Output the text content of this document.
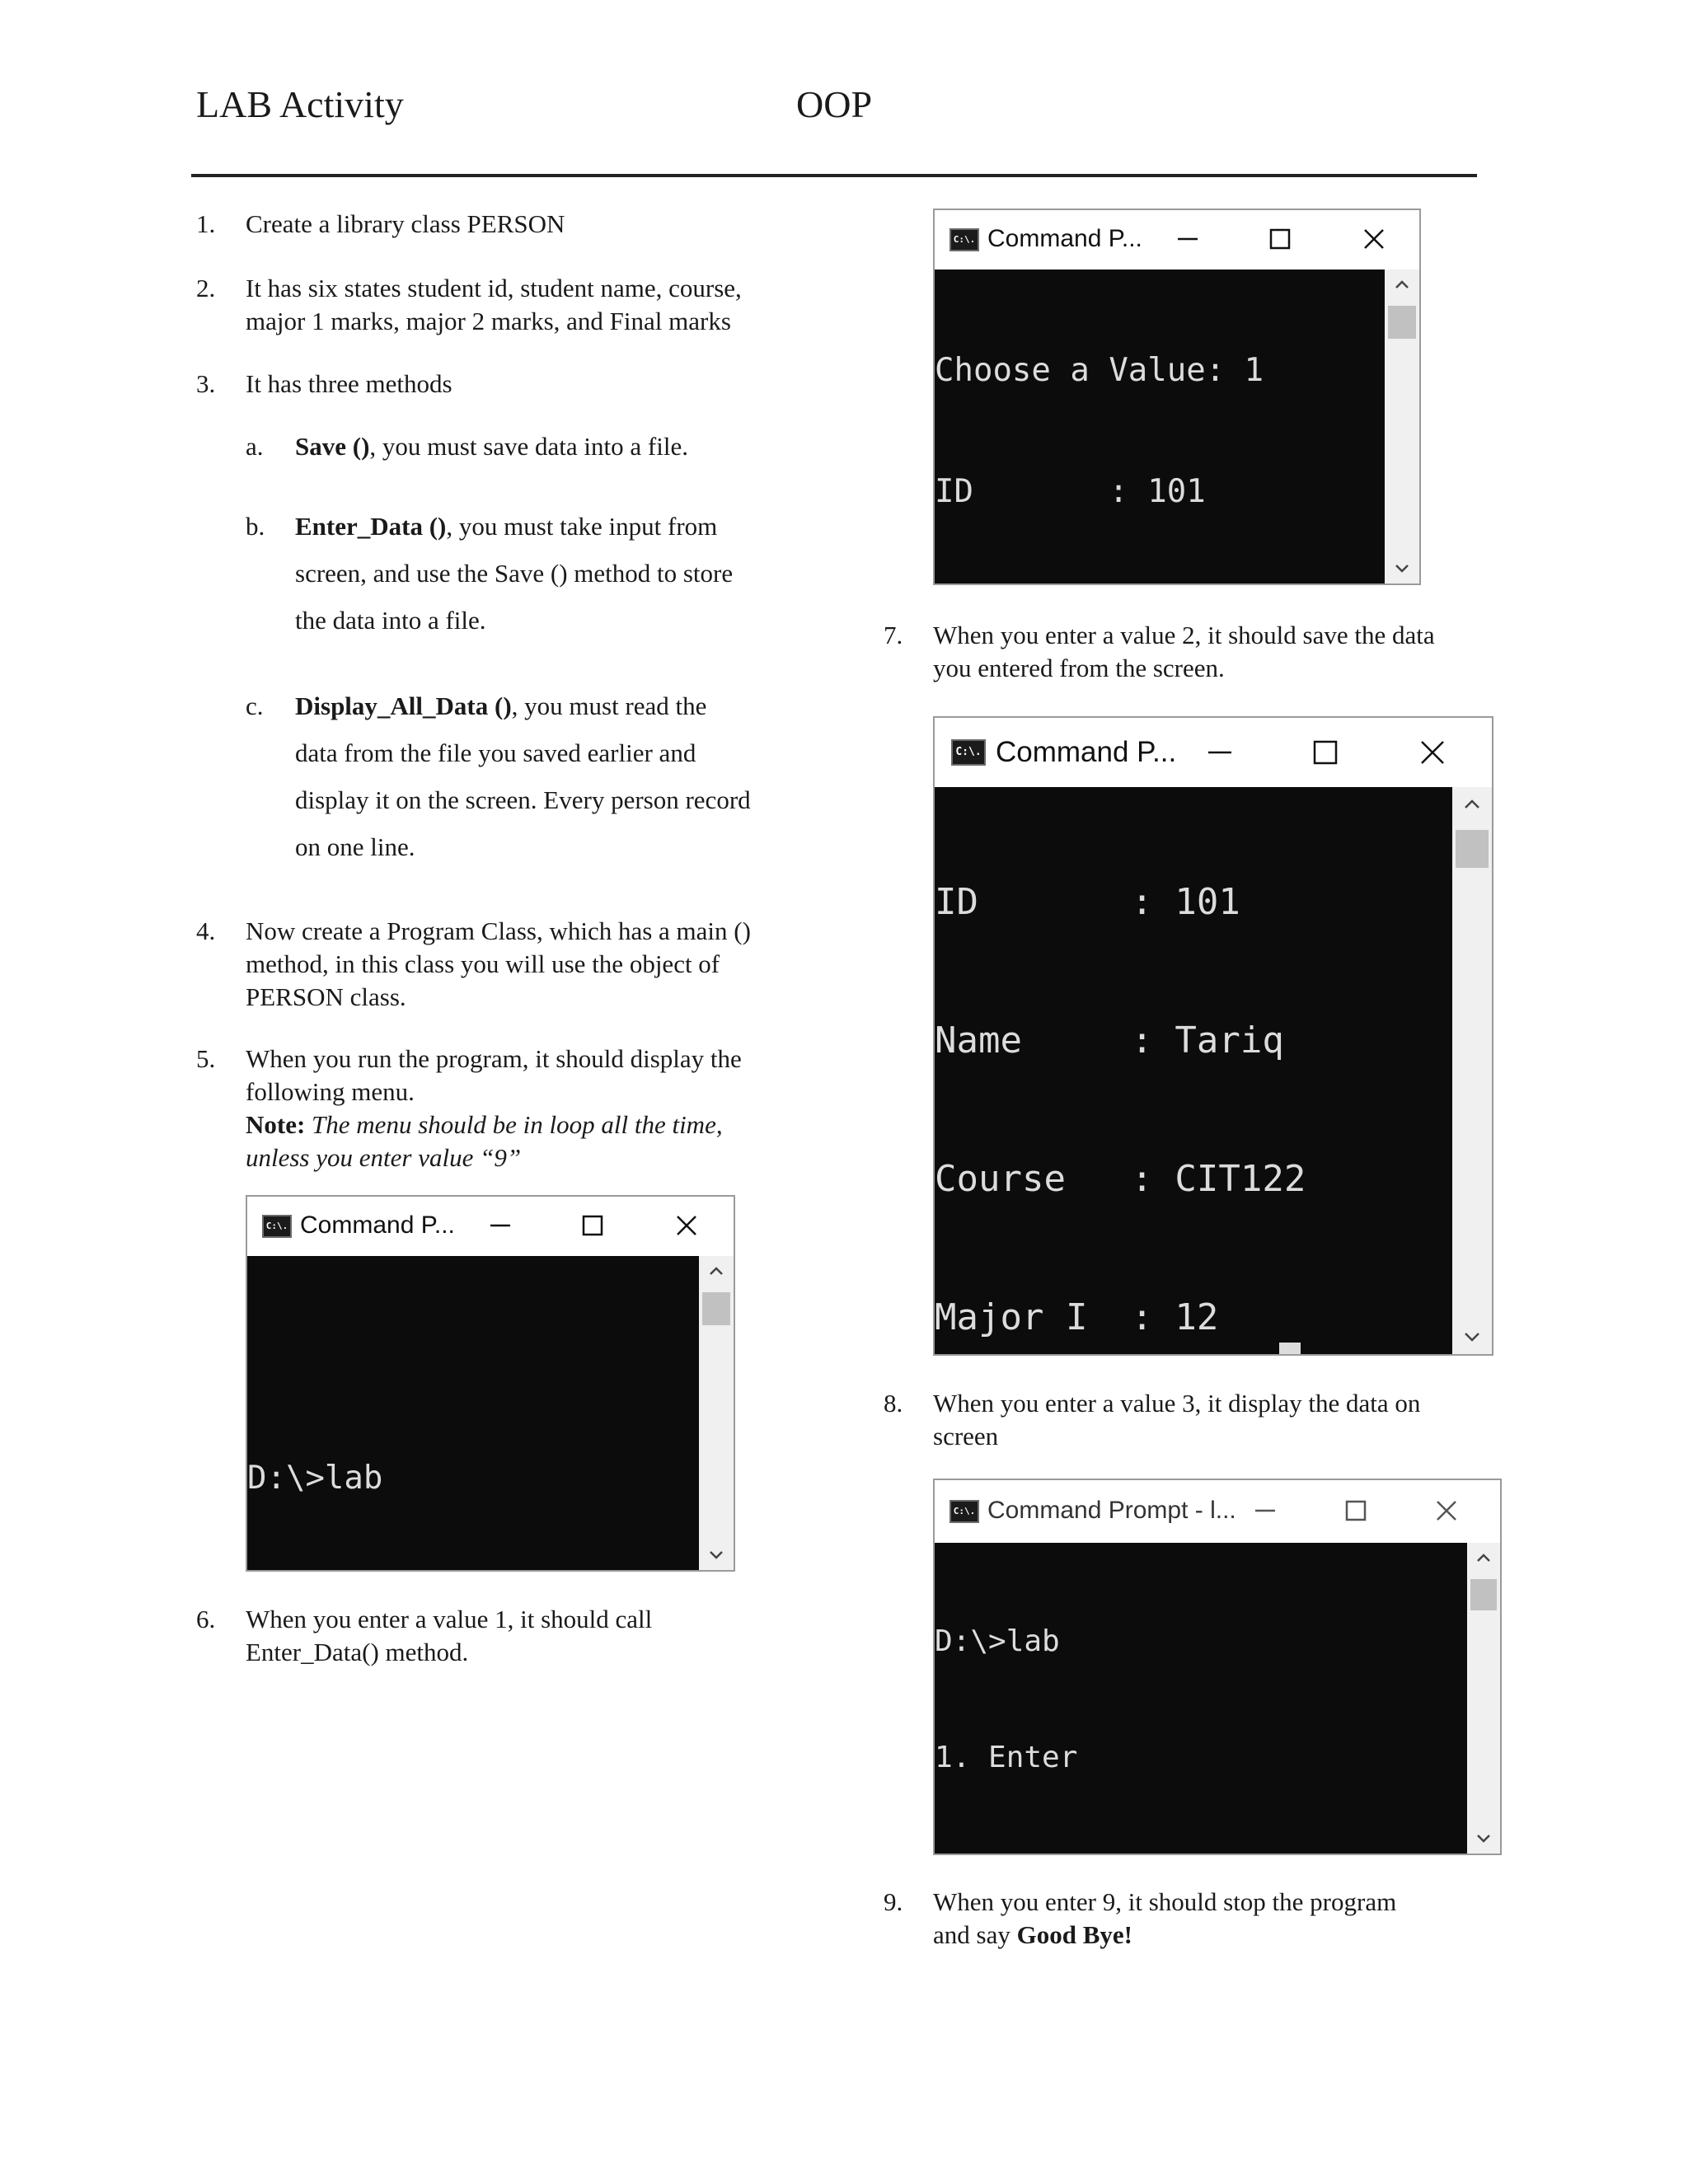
LAB Activity	OOP
1. Create a library class PERSON
2. It has six states student id, student name, course,
major 1 marks, major 2 marks, and Final marks
3. It has three methods
a. Save (), you must save data into a file.
b. Enter_Data (), you must take input from
screen, and use the Save () method to store
the data into a file.
c. Display_All_Data (), you must read the
data from the file you saved earlier and
display it on the screen. Every person record
on one line.
4. Now create a Program Class, which has a main ()
method, in this class you will use the object of
PERSON class.
5. When you run the program, it should display the
following menu.
Note: The menu should be in loop all the time,
unless you enter value “9”
6. When you enter a value 1, it should call
Enter_Data() method.
7. When you enter a value 2, it should save the data
you entered from the screen.
8. When you enter a value 3, it display the data on
screen
9. When you enter 9, it should stop the program
and say Good Bye!
C:\. Command P...

Choose a Value: 1

ID       : 101

C:\. Command P...

ID       : 101

Name     : Tariq

Course   : CIT122

Major I  : 12

C:\. Command P...

D:\>lab

C:\. Command Prompt - l...

D:\>lab

1. Enter
